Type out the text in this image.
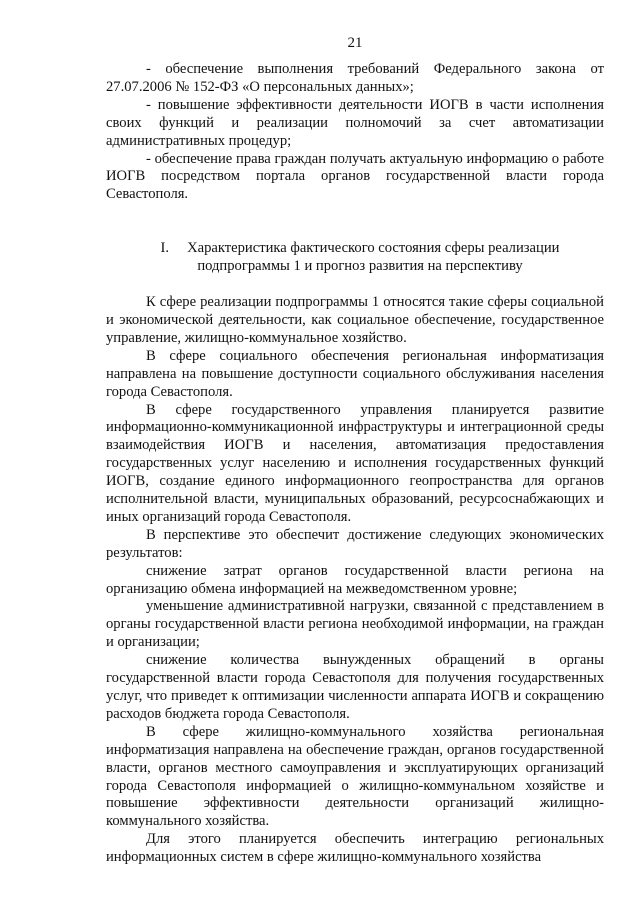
21

- обеспечение выполнения требований Федерального закона от 27.07.2006 № 152-ФЗ «О персональных данных»;

- повышение эффективности деятельности ИОГВ в части исполнения своих функций и реализации полномочий за счет автоматизации административных процедур;

- обеспечение права граждан получать актуальную информацию о работе ИОГВ посредством портала органов государственной власти города Севастополя.

I. Характеристика фактического состояния сферы реализации
подпрограммы 1 и прогноз развития на перспективу

К сфере реализации подпрограммы 1 относятся такие сферы социальной и экономической деятельности, как социальное обеспечение, государственное управление, жилищно-коммунальное хозяйство.

В сфере социального обеспечения региональная информатизация направлена на повышение доступности социального обслуживания населения города Севастополя.

В сфере государственного управления планируется развитие информационно-коммуникационной инфраструктуры и интеграционной среды взаимодействия ИОГВ и населения, автоматизация предоставления государственных услуг населению и исполнения государственных функций ИОГВ, создание единого информационного геопространства для органов исполнительной власти, муниципальных образований, ресурсоснабжающих и иных организаций города Севастополя.

В перспективе это обеспечит достижение следующих экономических результатов:

снижение затрат органов государственной власти региона на организацию обмена информацией на межведомственном уровне;

уменьшение административной нагрузки, связанной с представлением в органы государственной власти региона необходимой информации, на граждан и организации;

снижение количества вынужденных обращений в органы государственной власти города Севастополя для получения государственных услуг, что приведет к оптимизации численности аппарата ИОГВ и сокращению расходов бюджета города Севастополя.

В сфере жилищно-коммунального хозяйства региональная информатизация направлена на обеспечение граждан, органов государственной власти, органов местного самоуправления и эксплуатирующих организаций города Севастополя информацией о жилищно-коммунальном хозяйстве и повышение эффективности деятельности организаций жилищно-коммунального хозяйства.

Для этого планируется обеспечить интеграцию региональных информационных систем в сфере жилищно-коммунального хозяйства
